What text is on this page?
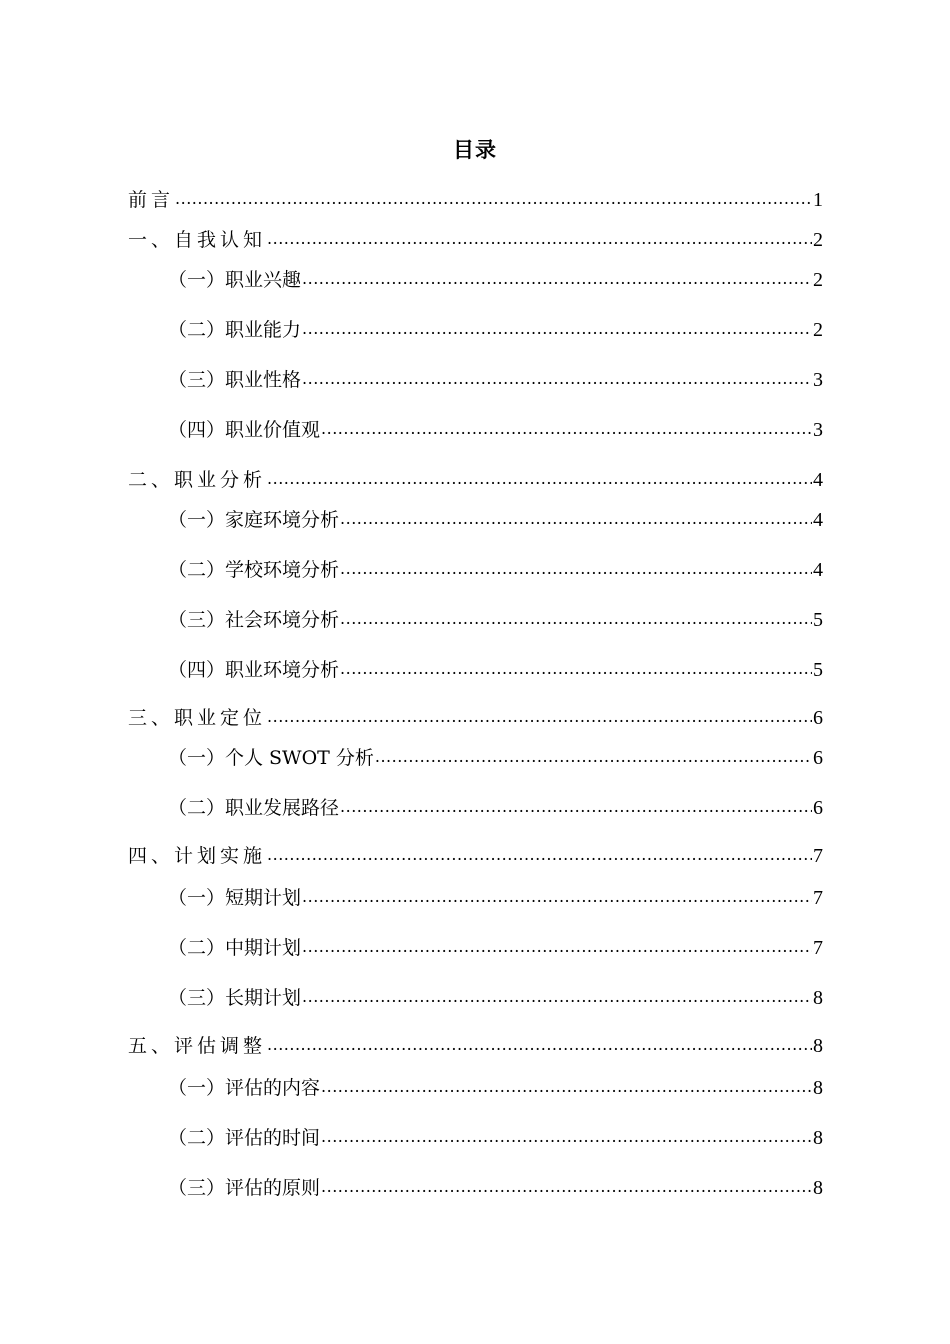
目录
前言 .....	1
一、自我认知 .....	2
（一）职业兴趣 .....	2
（二）职业能力 .....	2
（三）职业性格 .....	3
（四）职业价值观 .....	3
二、职业分析 .....	4
（一）家庭环境分析 .....	4
（二）学校环境分析 .....	4
（三）社会环境分析 .....	5
（四）职业环境分析 .....	5
三、职业定位 .....	6
（一）个人 SWOT 分析 .....	6
（二）职业发展路径 .....	6
四、计划实施 .....	7
（一）短期计划 .....	7
（二）中期计划 .....	7
（三）长期计划 .....	8
五、评估调整 .....	8
（一）评估的内容 .....	8
（二）评估的时间 .....	8
（三）评估的原则 .....	8
